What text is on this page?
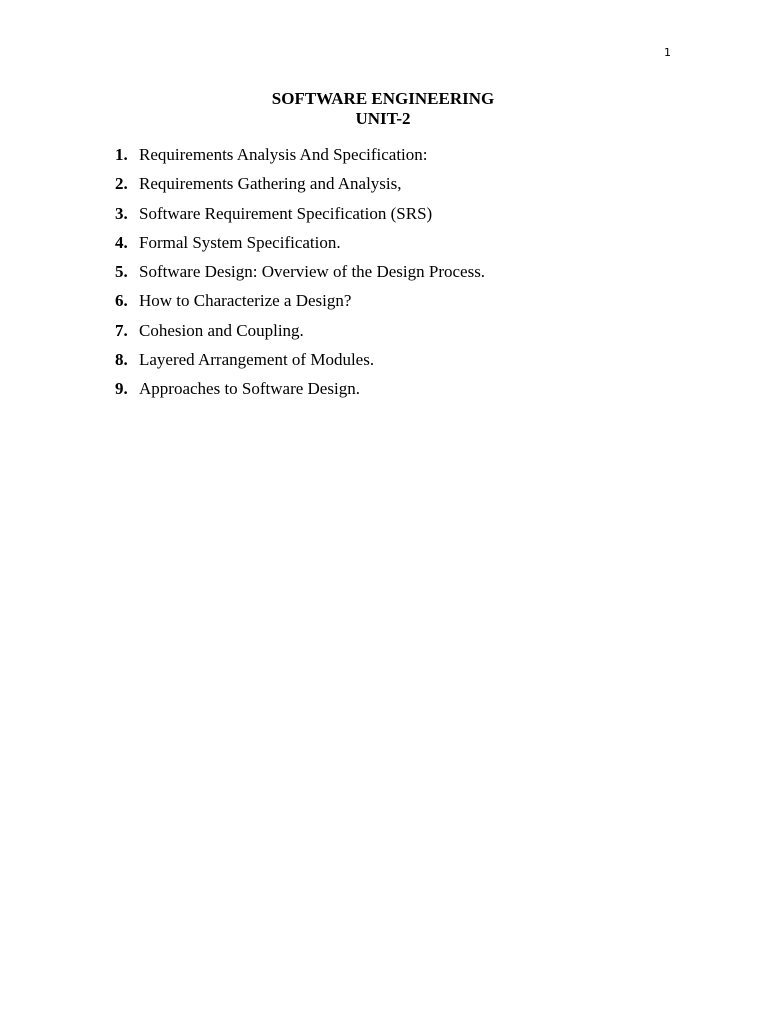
1
SOFTWARE ENGINEERING
UNIT-2
1. Requirements Analysis And Specification:
2. Requirements Gathering and Analysis,
3. Software Requirement Specification (SRS)
4. Formal System Specification.
5. Software Design: Overview of the Design Process.
6. How to Characterize a Design?
7. Cohesion and Coupling.
8. Layered Arrangement of Modules.
9. Approaches to Software Design.
